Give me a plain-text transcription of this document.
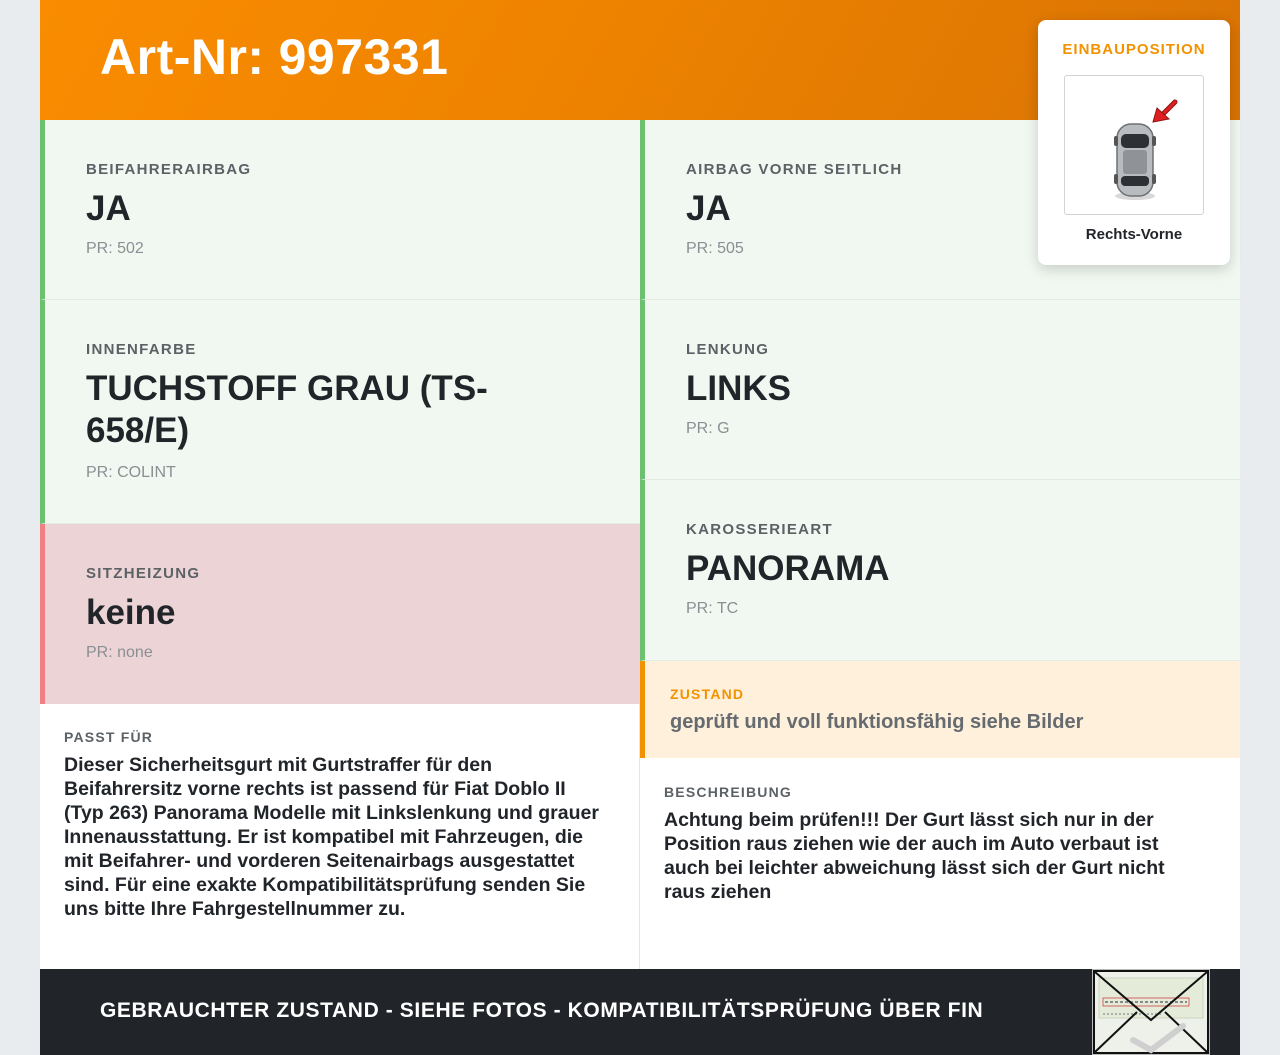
Art-Nr: 997331	EINBAUPOSITION
Rechts-Vorne
BEIFAHRERAIRBAG
JA
PR: 502
INNENFARBE
TUCHSTOFF GRAU (TS-658/E)
PR: COLINT
SITZHEIZUNG
keine
PR: none
AIRBAG VORNE SEITLICH
JA
PR: 505
LENKUNG
LINKS
PR: G
KAROSSERIEART
PANORAMA
PR: TC
ZUSTAND
geprüft und voll funktionsfähig siehe Bilder
PASST FÜR
Dieser Sicherheitsgurt mit Gurtstraffer für den Beifahrersitz vorne rechts ist passend für Fiat Doblo II (Typ 263) Panorama Modelle mit Linkslenkung und grauer Innenausstattung. Er ist kompatibel mit Fahrzeugen, die mit Beifahrer- und vorderen Seitenairbags ausgestattet sind. Für eine exakte Kompatibilitätsprüfung senden Sie uns bitte Ihre Fahrgestellnummer zu.
BESCHREIBUNG
Achtung beim prüfen!!! Der Gurt lässt sich nur in der Position raus ziehen wie der auch im Auto verbaut ist auch bei leichter abweichung lässt sich der Gurt nicht raus ziehen
GEBRAUCHTER ZUSTAND - SIEHE FOTOS - KOMPATIBILITÄTSPRÜFUNG ÜBER FIN
